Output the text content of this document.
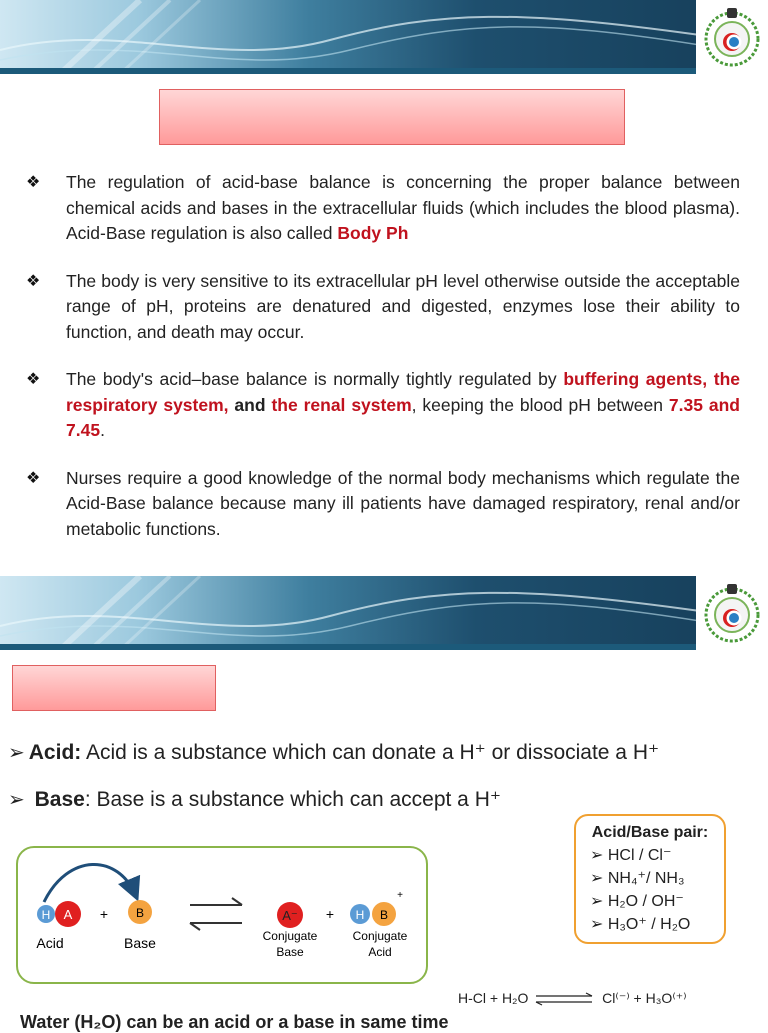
❖	The regulation of acid-base balance is concerning the proper balance between chemical acids and bases in the extracellular fluids (which includes the blood plasma). Acid-Base regulation is also called Body Ph
❖	The body is very sensitive to its extracellular pH level otherwise outside the acceptable range of pH, proteins are denatured and digested, enzymes lose their ability to function, and death may occur.
❖	The body's acid–base balance is normally tightly regulated by buffering agents, the respiratory system, and the renal system, keeping the blood pH between 7.35 and 7.45.
❖	Nurses require a good knowledge of the normal body mechanisms which regulate the Acid-Base balance because many ill patients have damaged respiratory, renal and/or metabolic functions.
➢ Acid: Acid is a substance which can donate a H⁺ or dissociate a H⁺
➢ Base: Base is a substance which can accept a H⁺
Acid/Base pair:
➢ HCl / Cl⁻
➢ NH₄⁺/ NH₃
➢ H₂O / OH⁻
➢ H₃O⁺ / H₂O
H A + B
Acid	Base
A⁻ + H B
+
Conjugate
Base
Conjugate
Acid
H-Cl + H₂O	Cl⁽⁻⁾ + H₃O⁽⁺⁾
Water (H₂O) can be an acid or a base in same time
